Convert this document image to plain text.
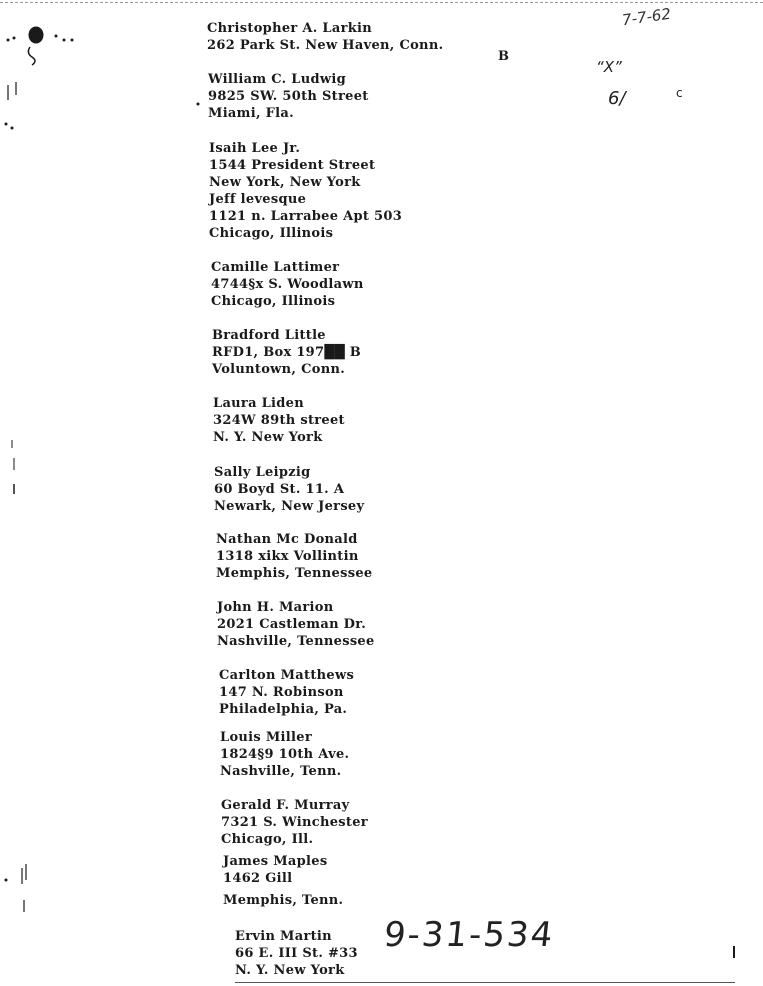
Christopher A. Larkin
262 Park St. New Haven, Conn.
B
William C. Ludwig
9825 SW. 50th Street
Miami, Fla.
Isaih Lee Jr.
1544 President Street
New York, New York
Jeff levesque
1121 n. Larrabee Apt 503
Chicago, Illinois
Camille Lattimer
4744§x S. Woodlawn
Chicago, Illinois
Bradford Little
RFD1, Box 197██ B
Voluntown, Conn.
Laura Liden
324W 89th street
N. Y. New York
Sally Leipzig
60 Boyd St. 11. A
Newark, New Jersey
Nathan Mc Donald
1318 xikx Vollintin
Memphis, Tennessee
John H. Marion
2021 Castleman Dr.
Nashville, Tennessee
Carlton Matthews
147 N. Robinson
Philadelphia, Pa.
Louis Miller
1824§9 10th Ave.
Nashville, Tenn.
Gerald F. Murray
7321 S. Winchester
Chicago, Ill.
James Maples
1462 Gill
Memphis, Tenn.
Ervin Martin
66 E. III St. #33
N. Y. New York
9-31-534
7-7-62
“X”
6/	c
